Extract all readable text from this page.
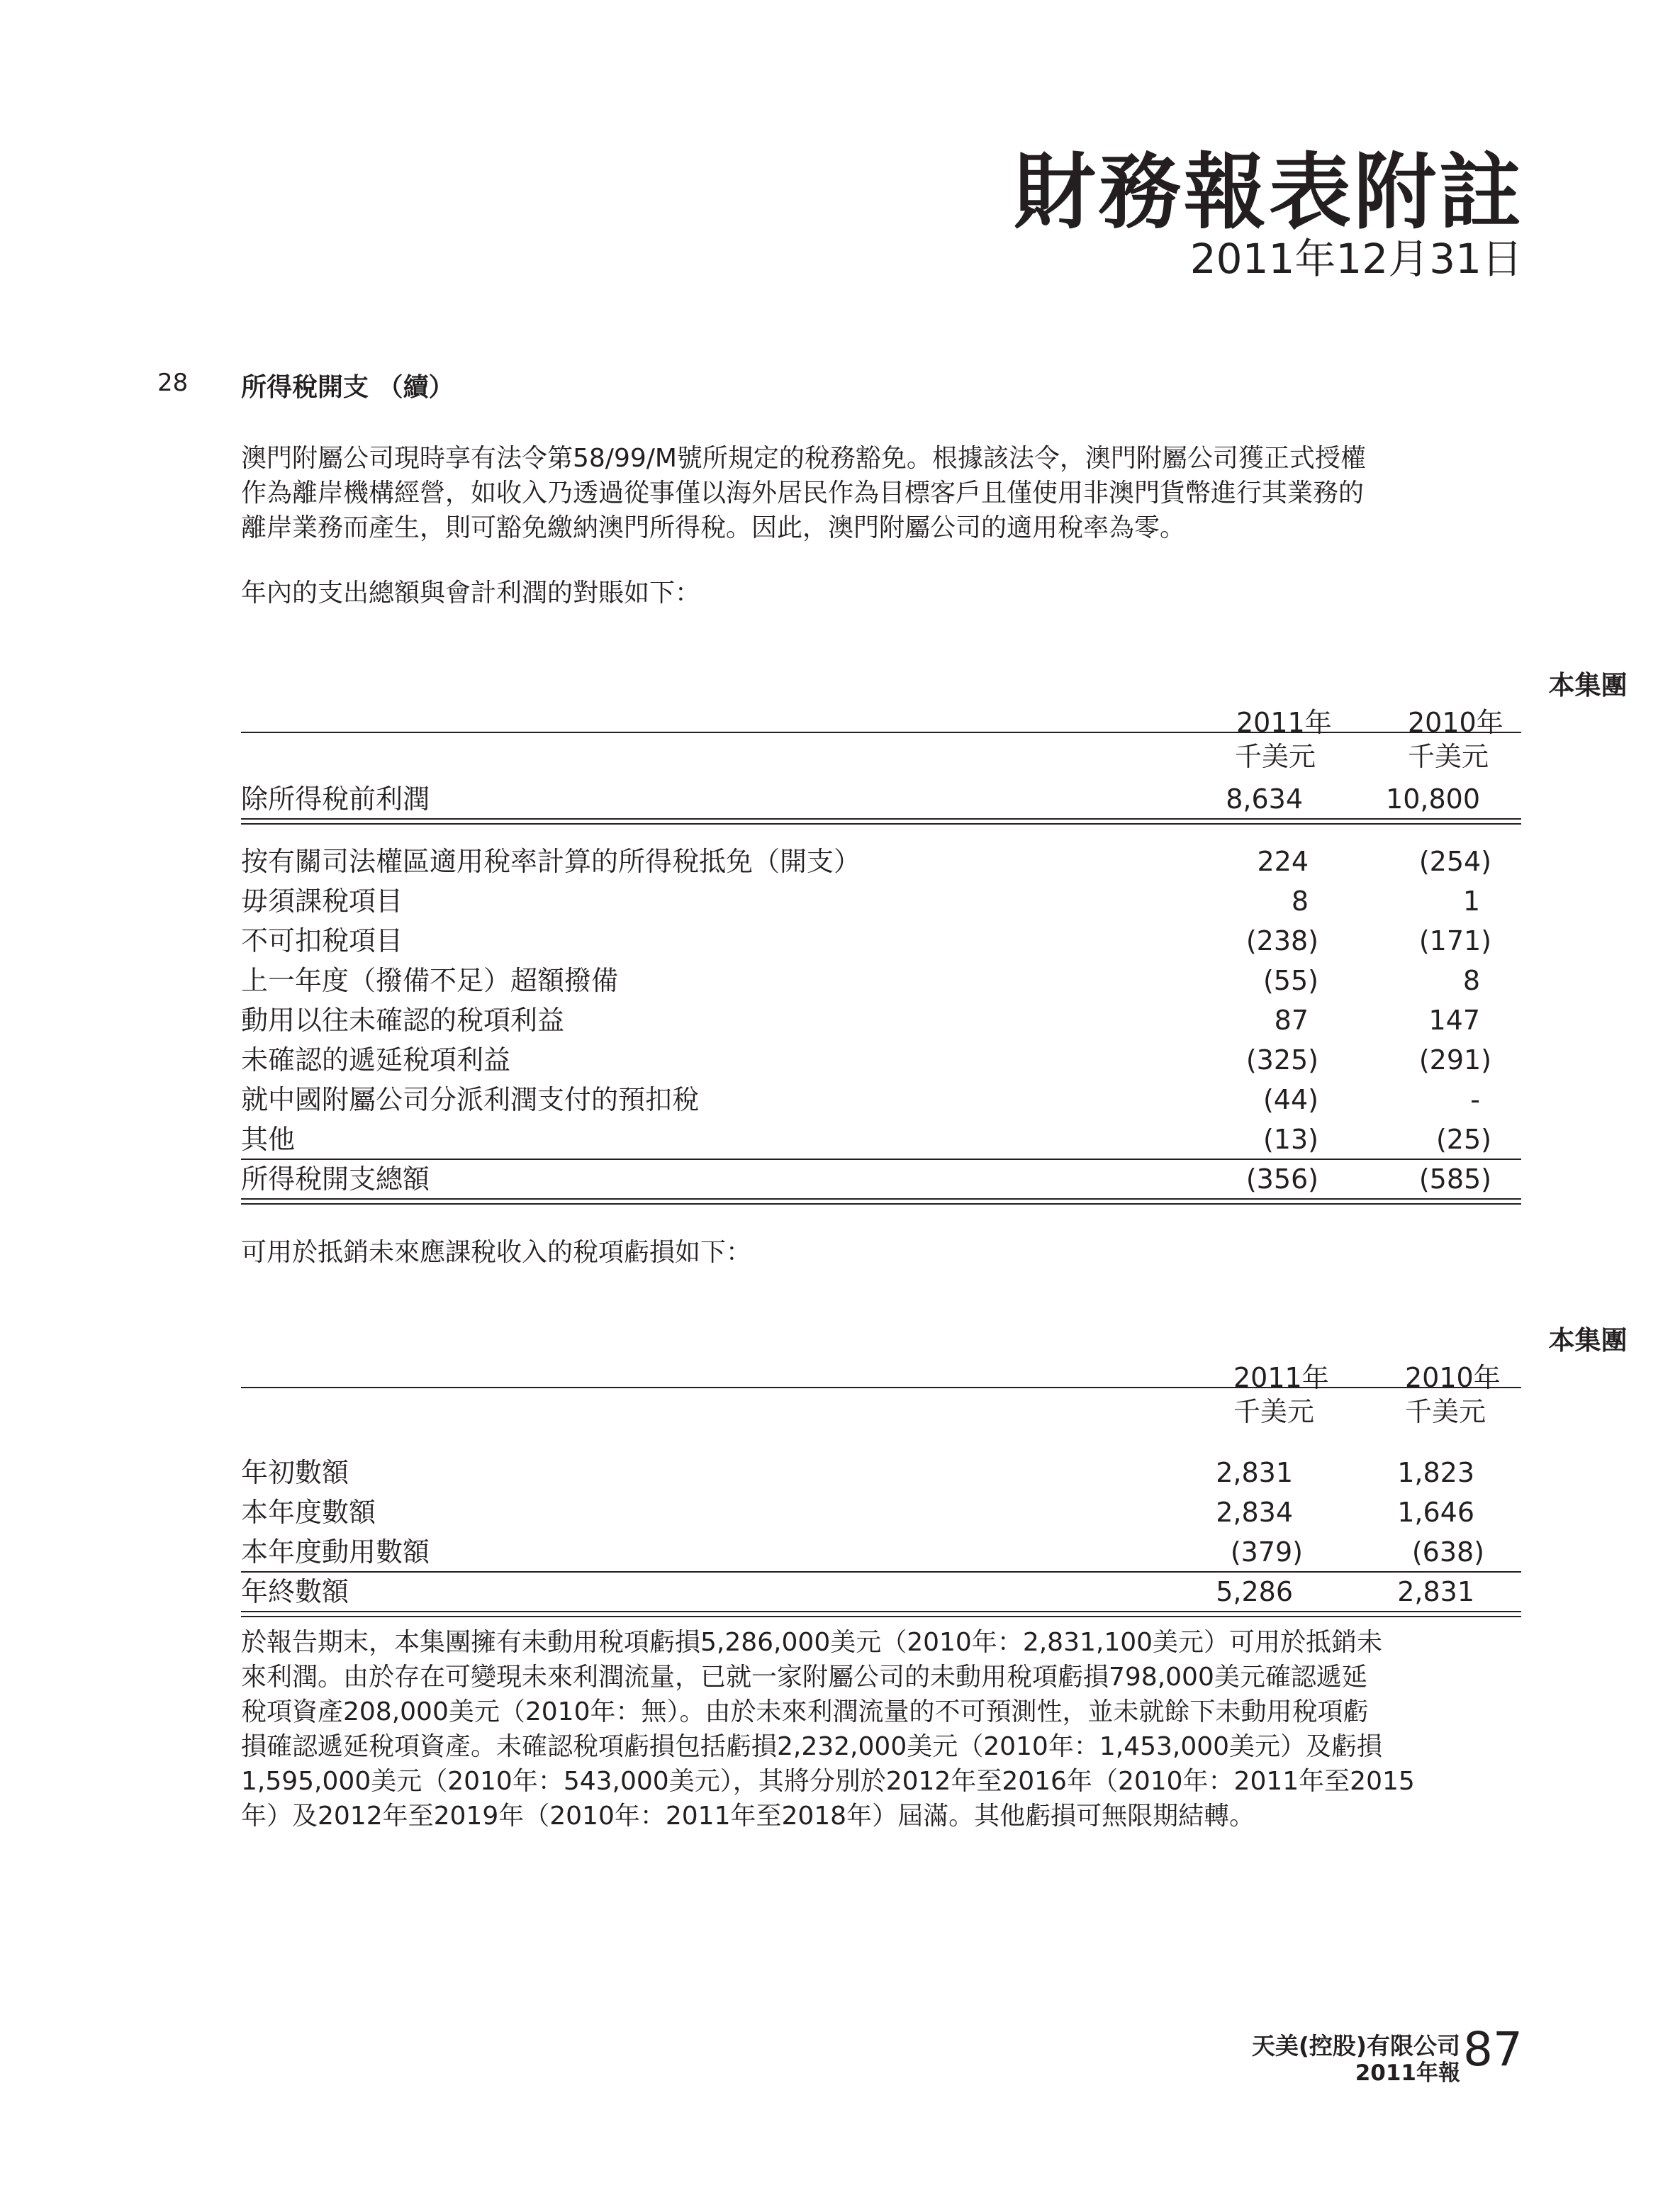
財務報表附註
2011年12月31日
28 所得稅開支 （續）
澳門附屬公司現時享有法令第58/99/M號所規定的稅務豁免。根據該法令，澳門附屬公司獲正式授權
作為離岸機構經營，如收入乃透過從事僅以海外居民作為目標客戶且僅使用非澳門貨幣進行其業務的
離岸業務而產生，則可豁免繳納澳門所得稅。因此，澳門附屬公司的適用稅率為零。
年內的支出總額與會計利潤的對賬如下：
本集團
2011年	2010年
千美元	千美元
除所得稅前利潤	8,634	10,800
按有關司法權區適用稅率計算的所得稅抵免（開支）	224	(254)
毋須課稅項目	8	1
不可扣稅項目	(238)	(171)
上一年度（撥備不足）超額撥備	(55)	8
動用以往未確認的稅項利益	87	147
未確認的遞延稅項利益	(325)	(291)
就中國附屬公司分派利潤支付的預扣稅	(44)	-
其他	(13)	(25)
所得稅開支總額	(356)	(585)
可用於抵銷未來應課稅收入的稅項虧損如下：
本集團
2011年	2010年
千美元	千美元
年初數額	2,831	1,823
本年度數額	2,834	1,646
本年度動用數額	(379)	(638)
年終數額	5,286	2,831
於報告期末，本集團擁有未動用稅項虧損5,286,000美元（2010年：2,831,100美元）可用於抵銷未
來利潤。由於存在可變現未來利潤流量，已就一家附屬公司的未動用稅項虧損798,000美元確認遞延
稅項資產208,000美元（2010年：無）。由於未來利潤流量的不可預測性，並未就餘下未動用稅項虧
損確認遞延稅項資產。未確認稅項虧損包括虧損2,232,000美元（2010年：1,453,000美元）及虧損
1,595,000美元（2010年：543,000美元），其將分別於2012年至2016年（2010年：2011年至2015
年）及2012年至2019年（2010年：2011年至2018年）屆滿。其他虧損可無限期結轉。
天美(控股)有限公司
2011年報 87
